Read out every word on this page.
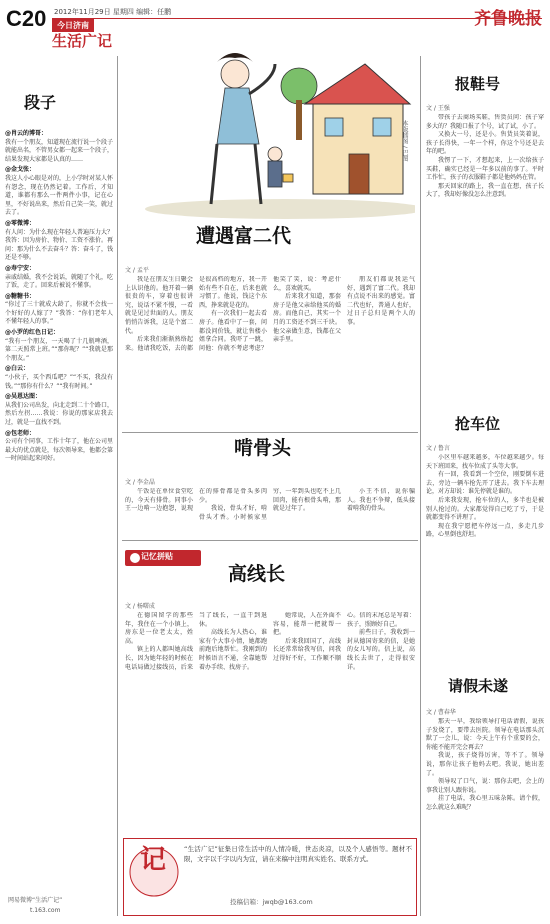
C20 2012年11月29日 星期四 编辑：任鹏
今日济南
生活广记
齐鲁晚报
段子
@肖云的博哥：
我有一个朋友，知道现在流行说一个段子就能出名，不管男女都一起来一个段子，结果发现大家都是认真的……
@金戈张：
我这人小心眼是对的，上小学时对某人怀有怨念，现在仍然记着。工作后，才知道，谁都有那么一件两件小事，记在心里，不好说出来，然后自己笑一笑，就过去了。
@零微博：
有人问：为什么现在年轻人普遍压力大？我答：因为房价、物价、工资不涨价。再问：那为什么不去奋斗？答：奋斗了，钱还是不够。
@寿宁安：
亲戚结婚，我不会说话，就随了个礼，吃了饭，走了。回来后被说不懂事。
@糖糖书：
“你过了三十就成大龄了，你就不会找一个好好的人嫁了？”我答：“你们老年人不懂年轻人的事。”
@小罗的红色日记：
“我有一个朋友，一天喝了十几瓶啤酒，第二天照常上班。”“那你呢？”“我就是那个朋友。”
@白云：
“小伙子，买个西瓜吧？”“不买，我没有钱。”“那你有什么？”“我有时间。”
@吴恩达图：
从我们公司出发，向北走到二十个路口，然后左拐……我说：你说的那家店我去过，就是一直找不到。
@包老师：
公司有个同事，工作十年了，他在公司里最大的优点就是，每次领导来，他都会第一时间站起来问好。
本版插图 / 巴图
遭遇富二代
文 / 孟平

我是在朋友生日聚会上认识他的。他开着一辆很贵的车，穿着也很讲究，说话不紧不慢，一看就是见过世面的人。朋友悄悄告诉我，这是个富二代。

后来我们渐渐熟络起来。他请我吃饭，去的都是很高档的地方，我一开始有些不自在，后来也就习惯了。他说，钱这个东西，挣来就是花的。

有一次我们一起去看房子。他看中了一套，问都没问价钱，就让售楼小姐拿合同。我吓了一跳，问他：你就不考虑考虑？他笑了笑，说：考虑什么，喜欢就买。

后来我才知道，那套房子是他父亲给他买的婚房。而他自己，其实一个月的工资还不到三千块。他父亲做生意，钱都在父亲手里。

朋友们都说我运气好，遇到了富二代。我却有点说不出来的感觉。富二代也好，普通人也好，过日子总归是两个人的事。

啃骨头
文 / 李金晶

午饭是在单位食堂吃的，今天有排骨。同事小王一边啃一边抱怨，说现在的排骨都是骨头多肉少。

我说，骨头才好，啃骨头才香。小时候家里穷，一年到头也吃不上几回肉，能有根骨头啃，那就是过年了。

小王不信，说你骗人。我也不争辩，低头接着啃我的骨头。

记忆拼贴
高线长
文 / 杨曙成

在德国留学的那些年，我住在一个小镇上，房东是一位老太太，姓高。

镇上的人都叫她高线长，因为她年轻的时候在电话局做过接线员，后来当了线长，一直干到退休。

高线长为人热心，谁家有个大事小情，她都跑前跑后地帮忙。我刚到的时候语言不通，全靠她帮着办手续、找房子。

她常说，人在外面不容易，能帮一把就帮一把。

后来我回国了，高线长还常常给我写信，问我过得好不好，工作顺不顺心。信的末尾总是写着：孩子，照顾好自己。

前些日子，我收到一封从德国寄来的信，是她的女儿写的。信上说，高线长去世了，走得很安详。

记	“生活广记”征集日常生活中的人情冷暖，世态炎凉，以及个人感悟等。题材不限，文字以千字以内为宜，请在来稿中注明真实姓名、联系方式。
投稿信箱：jwqb@163.com
网易微博“生活广记”
t.163.com
报鞋号
文 / 王强

带孩子去商场买鞋，售货员问：孩子穿多大的？我随口报了个号，试了试，小了。

又换大一号，还是小。售货员笑着说，孩子长得快，一年一个样，你这个号还是去年的吧。

我愣了一下，才想起来，上一次给孩子买鞋，确实已经是一年多以前的事了。平时工作忙，孩子的衣服鞋子都是他妈妈在管。

那天回家的路上，我一直在想，孩子长大了，我却好像没怎么注意到。

抢车位
文 / 鲁言

小区里车越来越多，车位越来越少。每天下班回来，找车位成了头等大事。

有一回，我看到一个空位，刚要倒车进去，旁边一辆车抢先开了进去。我下车去理论，对方却说：谁先停就是谁的。

后来我发现，抢车位的人，多半也是被别人抢过的。大家都觉得自己吃了亏，于是就都变得不讲理了。

现在我宁愿把车停远一点，多走几步路，心里倒也舒坦。

请假未遂
文 / 曹春华

那天一早，我给领导打电话请假，说孩子发烧了，要带去医院。领导在电话那头沉默了一会儿，说：今天上午有个重要的会，你能不能开完会再去？

我说，孩子烧得厉害，等不了。领导说，那你让孩子他妈去吧。我说，她出差了。

领导叹了口气，说：那你去吧，会上的事我让别人跟你说。

挂了电话，我心里五味杂陈。请个假，怎么就这么难呢？
